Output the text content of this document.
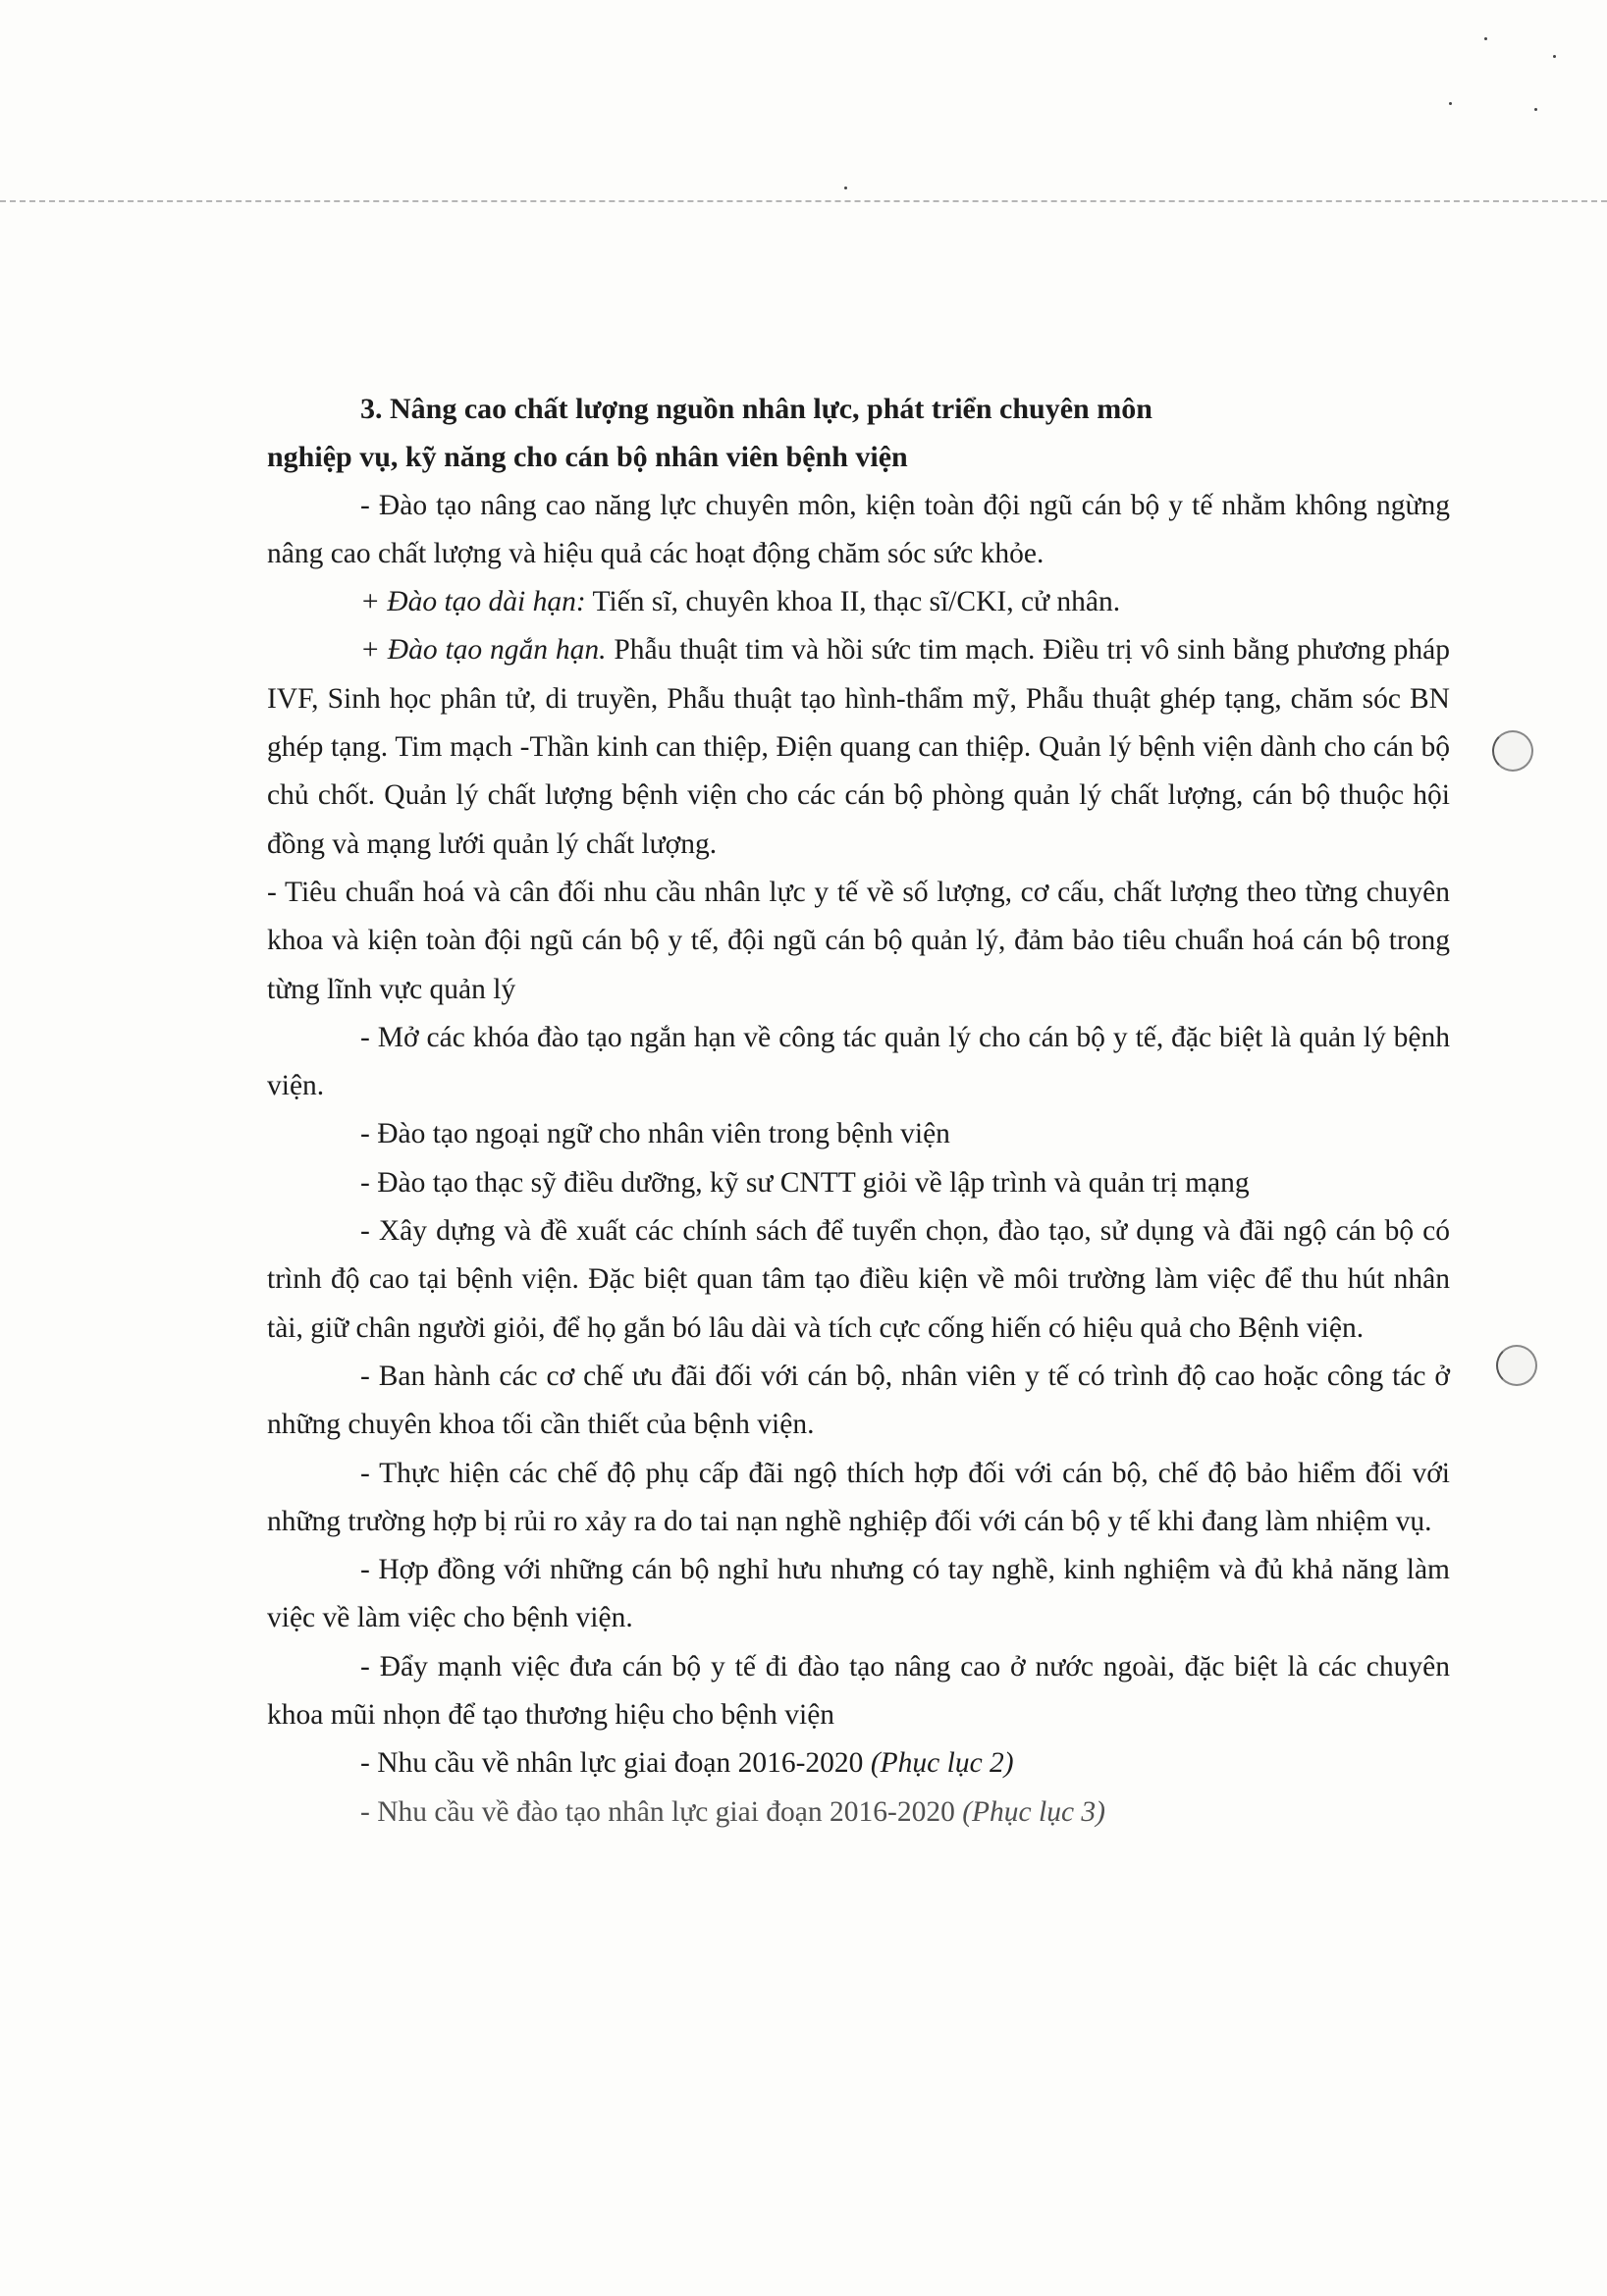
3. Nâng cao chất lượng nguồn nhân lực, phát triển chuyên môn

nghiệp vụ, kỹ năng cho cán bộ nhân viên bệnh viện

- Đào tạo nâng cao năng lực chuyên môn, kiện toàn đội ngũ cán bộ y tế nhằm không ngừng nâng cao chất lượng và hiệu quả các hoạt động chăm sóc sức khỏe.

+ Đào tạo dài hạn: Tiến sĩ, chuyên khoa II, thạc sĩ/CKI, cử nhân.

+ Đào tạo ngắn hạn. Phẫu thuật tim và hồi sức tim mạch. Điều trị vô sinh bằng phương pháp IVF, Sinh học phân tử, di truyền, Phẫu thuật tạo hình-thẩm mỹ, Phẫu thuật ghép tạng, chăm sóc BN ghép tạng. Tim mạch -Thần kinh can thiệp, Điện quang can thiệp. Quản lý bệnh viện dành cho cán bộ chủ chốt. Quản lý chất lượng bệnh viện cho các cán bộ phòng quản lý chất lượng, cán bộ thuộc hội đồng và mạng lưới quản lý chất lượng.

- Tiêu chuẩn hoá và cân đối nhu cầu nhân lực y tế về số lượng, cơ cấu, chất lượng theo từng chuyên khoa và kiện toàn đội ngũ cán bộ y tế, đội ngũ cán bộ quản lý, đảm bảo tiêu chuẩn hoá cán bộ trong từng lĩnh vực quản lý

- Mở các khóa đào tạo ngắn hạn về công tác quản lý cho cán bộ y tế, đặc biệt là quản lý bệnh viện.

- Đào tạo ngoại ngữ cho nhân viên trong bệnh viện

- Đào tạo thạc sỹ điều dưỡng, kỹ sư CNTT giỏi về lập trình và quản trị mạng

- Xây dựng và đề xuất các chính sách để tuyển chọn, đào tạo, sử dụng và đãi ngộ cán bộ có trình độ cao tại bệnh viện. Đặc biệt quan tâm tạo điều kiện về môi trường làm việc để thu hút nhân tài, giữ chân người giỏi, để họ gắn bó lâu dài và tích cực cống hiến có hiệu quả cho Bệnh viện.

- Ban hành các cơ chế ưu đãi đối với cán bộ, nhân viên y tế có trình độ cao hoặc công tác ở những chuyên khoa tối cần thiết của bệnh viện.

- Thực hiện các chế độ phụ cấp đãi ngộ thích hợp đối với cán bộ, chế độ bảo hiểm đối với những trường hợp bị rủi ro xảy ra do tai nạn nghề nghiệp đối với cán bộ y tế khi đang làm nhiệm vụ.

- Hợp đồng với những cán bộ nghỉ hưu nhưng có tay nghề, kinh nghiệm và đủ khả năng làm việc về làm việc cho bệnh viện.

- Đẩy mạnh việc đưa cán bộ y tế đi đào tạo nâng cao ở nước ngoài, đặc biệt là các chuyên khoa mũi nhọn để tạo thương hiệu cho bệnh viện

- Nhu cầu về nhân lực giai đoạn 2016-2020 (Phục lục 2)

- Nhu cầu về đào tạo nhân lực giai đoạn 2016-2020 (Phục lục 3)
